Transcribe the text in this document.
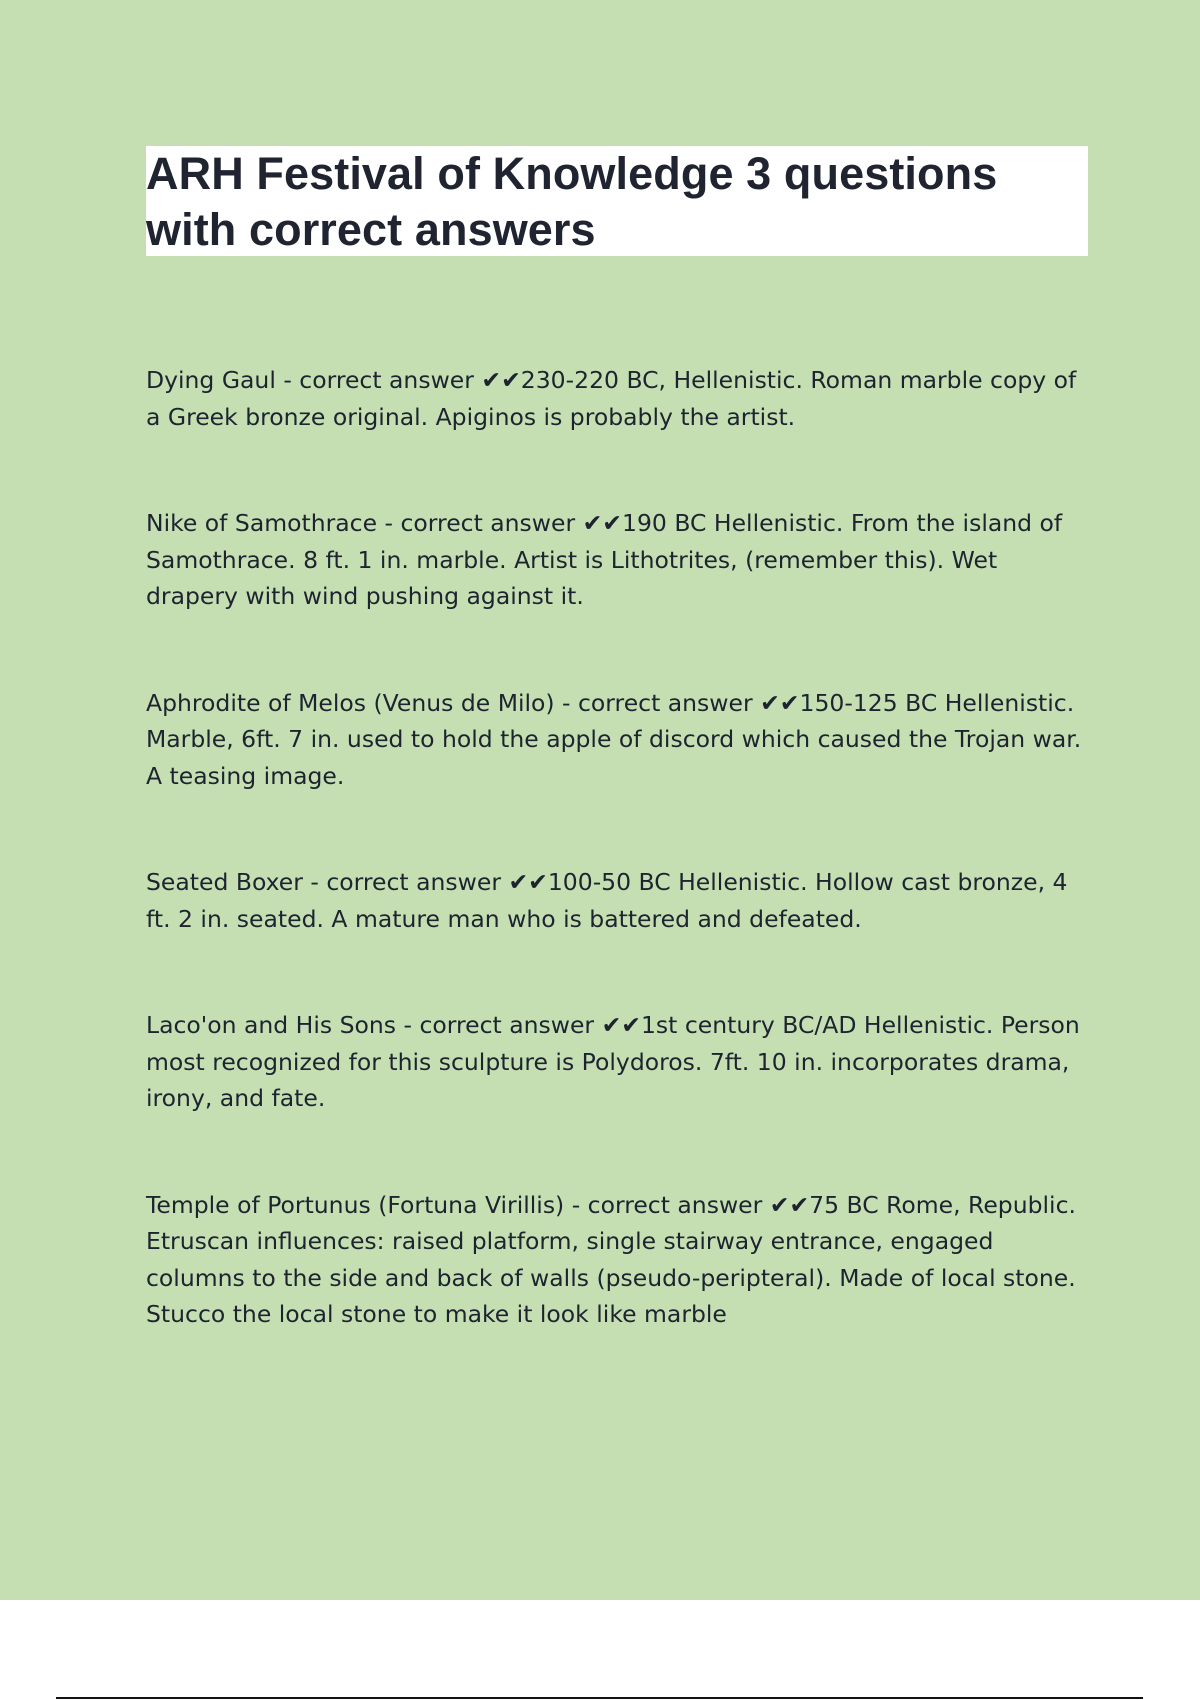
ARH Festival of Knowledge 3 questions with correct answers

Dying Gaul - correct answer ✔✔230-220 BC, Hellenistic. Roman marble copy of a Greek bronze original. Apiginos is probably the artist.

Nike of Samothrace - correct answer ✔✔190 BC Hellenistic. From the island of Samothrace. 8 ft. 1 in. marble. Artist is Lithotrites, (remember this). Wet drapery with wind pushing against it.

Aphrodite of Melos (Venus de Milo) - correct answer ✔✔150-125 BC Hellenistic. Marble, 6ft. 7 in. used to hold the apple of discord which caused the Trojan war. A teasing image.

Seated Boxer - correct answer ✔✔100-50 BC Hellenistic. Hollow cast bronze, 4 ft. 2 in. seated. A mature man who is battered and defeated.

Laco'on and His Sons - correct answer ✔✔1st century BC/AD Hellenistic. Person most recognized for this sculpture is Polydoros. 7ft. 10 in. incorporates drama, irony, and fate.

Temple of Portunus (Fortuna Virillis) - correct answer ✔✔75 BC Rome, Republic. Etruscan influences: raised platform, single stairway entrance, engaged columns to the side and back of walls (pseudo-peripteral). Made of local stone. Stucco the local stone to make it look like marble
